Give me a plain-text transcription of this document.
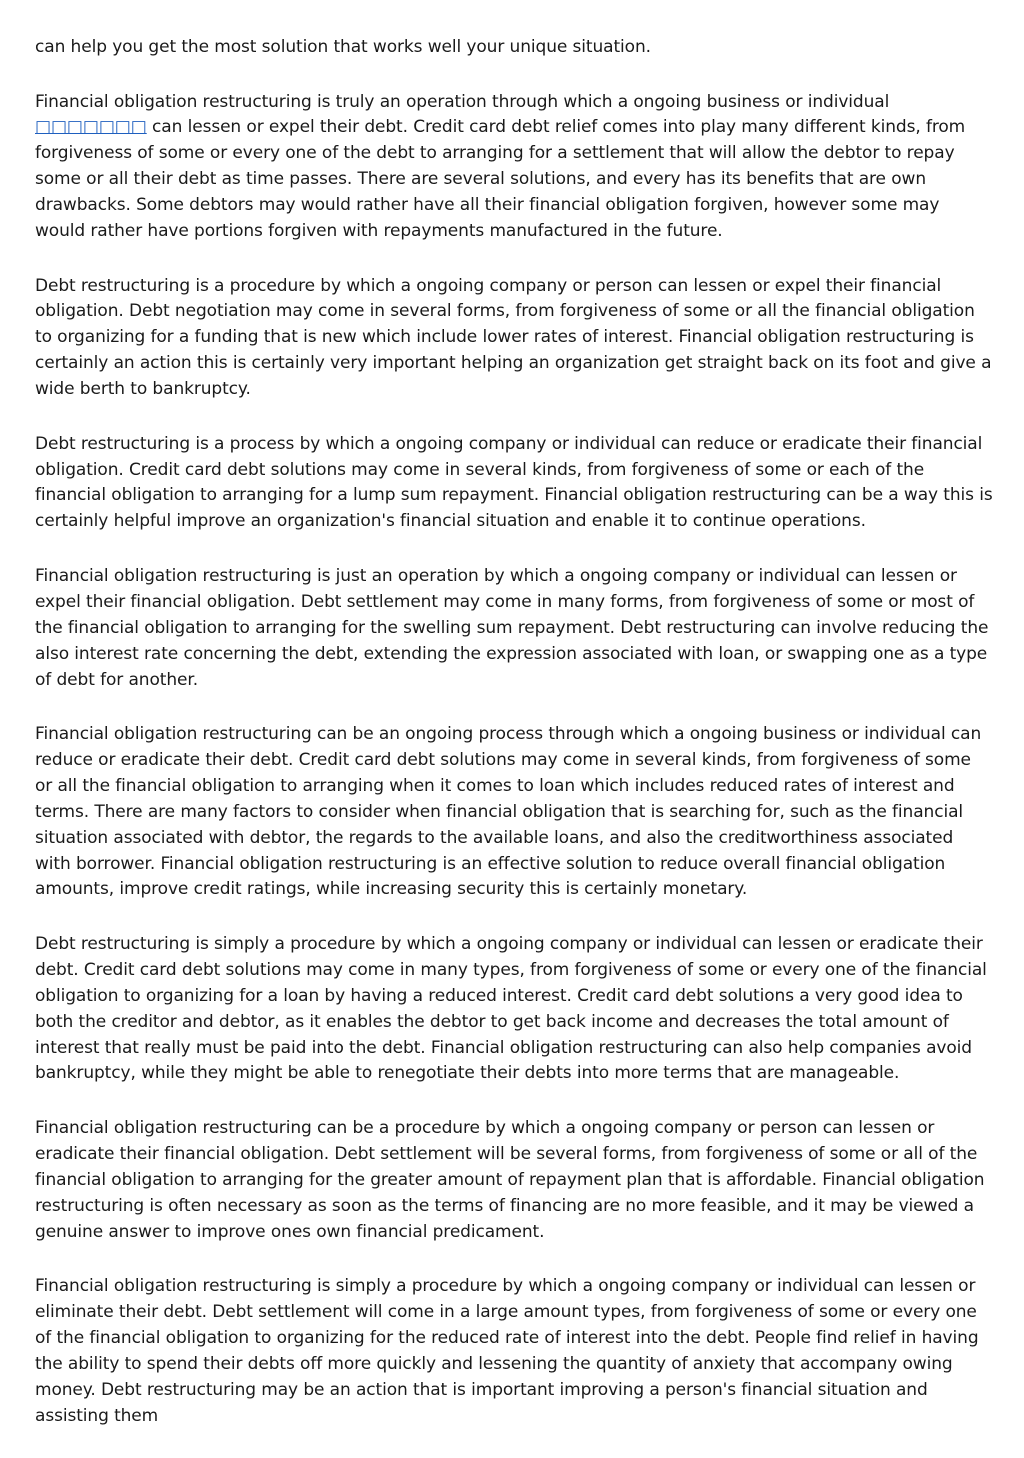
can help you get the most solution that works well your unique situation.

Financial obligation restructuring is truly an operation through which a ongoing business or individual □□□□□□□ can lessen or expel their debt. Credit card debt relief comes into play many different kinds, from forgiveness of some or every one of the debt to arranging for a settlement that will allow the debtor to repay some or all their debt as time passes. There are several solutions, and every has its benefits that are own drawbacks. Some debtors may would rather have all their financial obligation forgiven, however some may would rather have portions forgiven with repayments manufactured in the future.

Debt restructuring is a procedure by which a ongoing company or person can lessen or expel their financial obligation. Debt negotiation may come in several forms, from forgiveness of some or all the financial obligation to organizing for a funding that is new which include lower rates of interest. Financial obligation restructuring is certainly an action this is certainly very important helping an organization get straight back on its foot and give a wide berth to bankruptcy.

Debt restructuring is a process by which a ongoing company or individual can reduce or eradicate their financial obligation. Credit card debt solutions may come in several kinds, from forgiveness of some or each of the financial obligation to arranging for a lump sum repayment. Financial obligation restructuring can be a way this is certainly helpful improve an organization's financial situation and enable it to continue operations.

Financial obligation restructuring is just an operation by which a ongoing company or individual can lessen or expel their financial obligation. Debt settlement may come in many forms, from forgiveness of some or most of the financial obligation to arranging for the swelling sum repayment. Debt restructuring can involve reducing the also interest rate concerning the debt, extending the expression associated with loan, or swapping one as a type of debt for another.

Financial obligation restructuring can be an ongoing process through which a ongoing business or individual can reduce or eradicate their debt. Credit card debt solutions may come in several kinds, from forgiveness of some or all the financial obligation to arranging when it comes to loan which includes reduced rates of interest and terms. There are many factors to consider when financial obligation that is searching for, such as the financial situation associated with debtor, the regards to the available loans, and also the creditworthiness associated with borrower. Financial obligation restructuring is an effective solution to reduce overall financial obligation amounts, improve credit ratings, while increasing security this is certainly monetary.

Debt restructuring is simply a procedure by which a ongoing company or individual can lessen or eradicate their debt. Credit card debt solutions may come in many types, from forgiveness of some or every one of the financial obligation to organizing for a loan by having a reduced interest. Credit card debt solutions a very good idea to both the creditor and debtor, as it enables the debtor to get back income and decreases the total amount of interest that really must be paid into the debt. Financial obligation restructuring can also help companies avoid bankruptcy, while they might be able to renegotiate their debts into more terms that are manageable.

Financial obligation restructuring can be a procedure by which a ongoing company or person can lessen or eradicate their financial obligation. Debt settlement will be several forms, from forgiveness of some or all of the financial obligation to arranging for the greater amount of repayment plan that is affordable. Financial obligation restructuring is often necessary as soon as the terms of financing are no more feasible, and it may be viewed a genuine answer to improve ones own financial predicament.

Financial obligation restructuring is simply a procedure by which a ongoing company or individual can lessen or eliminate their debt. Debt settlement will come in a large amount types, from forgiveness of some or every one of the financial obligation to organizing for the reduced rate of interest into the debt. People find relief in having the ability to spend their debts off more quickly and lessening the quantity of anxiety that accompany owing money. Debt restructuring may be an action that is important improving a person's financial situation and assisting them
